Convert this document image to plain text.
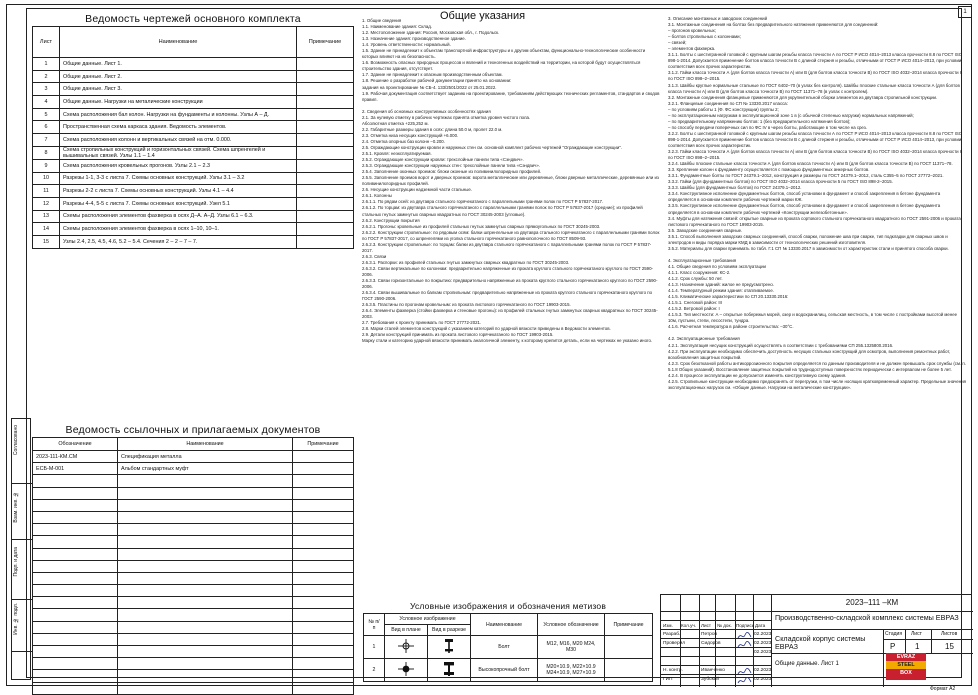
1
Согласовано
Взам. инв. №
Подп. и дата
Инв. № подл.
Ведомость чертежей основного комплекта		
Лист	Наименование	Примечание
1	Общие данные. Лист 1.	
2	Общие данные. Лист 2.	
3	Общие данные. Лист 3.	
4	Общие данные. Нагрузки на металические конструкции	
5	Схема расположения бал колон. Нагрузки на фундаменты и колонны. Узлы А – Д.	
6	Пространственная схема каркаса здания. Ведомость элементов.	
7	Схема расположения колонн и вертикальных связей на отм. 0.000.	
8	Схема стропильных конструкций и горизонтальных связей. Схема шпренгелей и вышивальных связей. Узлы 1.1 – 1.4	
9	Схема расположения кровельных прогонов. Узлы 2.1 – 2.3	
10	Разрезы 1-1, 3-3 с листа 7. Схемы основных конструкций. Узлы 3.1 – 3.2	
11	Разрезы 2-2 с листа 7. Схемы основных конструкций. Узлы 4.1 – 4.4	
12	Разрезы 4-4, 5-5 с листа 7. Схемы основных конструкций. Узел 5.1	
13	Схемы расположения элементов фахверка в осях Д–А. А–Д. Узлы 6.1 – 6.3.	
14	Схемы расположения элементов фахверка в осях 1–10, 10–1.	
15	Узлы 2.4, 2.5, 4.5, 4.6, 5.2 – 5.4. Сечения 2 – 2 – 7 – 7.	
Ведомость ссылочных и прилагаемых документов		
Обозначение	Наименование	Примечание
2023-111-КМ.СМ	Спецификация металла	
ЕСБ-М-001	Альбом стандартных муфт	

Общие указания
1. Общие сведения
1.1. Наименование здания: Склад.
1.2. Местоположение здания: Россия, Московская обл., г. Подольск.
1.3. Назначение здания: производственное здание.
1.4. Уровень ответственности: нормальный.
1.5. Здание не принадлежит к объектам транспортной инфраструктуры и к другим объектам, функционально-технологические особенности которых влияют на их безопасность.
1.6. Возможность опасных природных процессов и явлений и техногенных воздействий на территории, на которой будут осуществляться строительство здания, отсутствует.
1.7. Здание не принадлежит к опасным производственным объектам.
1.8. Решение о разработке рабочей документации принято на основании:
задания на проектирование № СБ-4. 133/2501/2022 от 25.01.2022.
1.9. Рабочая документация соответствует заданию на проектирование, требованиям действующих технических регламентов, стандартов и сводов правил.

2. Сведения об основных конструктивных особенностях здания
2.1. За нулевую отметку в рабочих чертежах принята отметка уровня чистого пола.
Абсолютная отметка +225,252 м.
2.2. Габаритные размеры здания в осях: длина 50.0 м, пролет 22.0 м.
2.3. Отметка низа несущих конструкций +6.000.
2.4. Отметка опорных баз колонн –0.200.
2.5. Ограждающие конструкции кровли и наружных стен см. основной комплект рабочих чертежей "Ограждающие конструкции".
2.5.1. Кровля: неэксплуатируемая.
2.5.2. Ограждающие конструкции кровли: трехслойные панели типа «Сэндвич».
2.5.3. Ограждающие конструкции наружных стен: трехслойные панели типа «Сэндвич».
2.5.4. Заполнение оконных проемов: блоки оконные из поливинилхлоридных профилей.
2.5.5. Заполнение проемов ворот и дверных проемов: ворота металлические или деревянные, блоки дверные металлические, деревянные или из поливинилхлоридных профилей.
2.6. Несущие конструкции надземной части стальные.
2.6.1. Колонны
2.6.1.1. По рядам осей: из двутавра стального горячекатаного с параллельными гранями полок по ГОСТ Р 57837-2017.
2.6.1.2. По торцам: из двутавра стального горячекатаного с параллельными гранями полок по ГОСТ Р 57837-2017 (средние); из профилей стальных гнутых замкнутых сварных квадратных по ГОСТ 30245-2003 (угловые).
2.6.2. Конструкции покрытия
2.6.2.1. Прогоны: кровельные из профилей стальных гнутых замкнутых сварных прямоугольных по ГОСТ 30245-2003.
2.6.2.2. Конструкции стропильные: по рядовым осям: балки шпренгельные из двутавра стального горячекатаного с параллельными гранями полок по ГОСТ Р 57837-2017, со шпренгелями из уголка стального горячекатаного равнополочного по ГОСТ 8509-93.
2.6.2.3. Конструкции стропильные: по торцам: балки из двутавра стального горячекатаного с параллельными гранями полок по ГОСТ Р 57837-2017.
2.6.3. Связи
2.6.3.1. Распорки: из профилей стальных гнутых замкнутых сварных квадратных по ГОСТ 30245-2003.
2.6.3.2. Связи вертикальные по колоннам: предварительно напряженные из проката круглого стального горячекатаного круглого по ГОСТ 2590-2006.
2.6.3.3. Связи горизонтальные по покрытию: предварительно напряженные из проката круглого стального горячекатаного круглого по ГОСТ 2590-2006.
2.6.3.4. Связи вышивальные по балкам стропильным: предварительно напряженные из проката круглого стального горячекатаного круглого по ГОСТ 2590-2006.
2.6.3.5. Пластины по прогонам кровельным: из проката листового горячекатаного по ГОСТ 19903-2015.
2.6.4. Элементы фахверка (стойки фахверка и стеновые прогоны): из профилей стальных гнутых замкнутых сварных квадратных по ГОСТ 30245-2003.
2.7. Требования к проекту принимать по ГОСТ 27772-2021.
2.8. Марки сталей элементов конструкций с указанием категорий по ударной вязкости приведены в Ведомости элементов.
2.9. Детали конструкций принимать из проката листового горячекатаного по ГОСТ 19903-2015.
Марку стали и категорию ударной вязкости принимать аналогичной элементу, к которому крепится деталь, если на чертежах не указано иного.
3. Описание монтажных и заводских соединений
3.1. Монтажные соединения на болтах без предварительного натяжения применяются для соединений:
– прогонов кровельных;
– болтов стропильных с колоннами;
– связей;
– элементов фахверка.
3.1.1. Болты с шестигранной головкой с крупным шагом резьбы класса точности А по ГОСТ Р ИСО 4014–2013 класса прочности 8.8 по ГОСТ ISO 898-1-2014. Допускается применение болтов класса точности В с длиной стержня и резьбы, отличными от ГОСТ Р ИСО 4014–2013, при условии соответствия всех прочих характеристик.
3.1.2. Гайки класса точности А (для болтов класса точности А) или В (для болтов класса точности В) по ГОСТ ISO 4032–2014 класса прочности 8 по ГОСТ ISO 898–2–2015.
3.1.3. Шайбы круглые нормальные стальные по ГОСТ 6402–70 (в узлах без контроля). Шайбы плоские стальные класса точности А (для болтов класса точности А) или В (для болтов класса точности В) по ГОСТ 11371–78 (в узлах с контролем).
3.2. Монтажные соединения фланцевые применяются для укрупнительной сборки элементов из двутавра стропильной конструкции.
3.2.1. Фланцевые соединения по СП № 13330.2017 класса:
– по условиям работы 1 (Ф. ФС конструкции) группы 2;
– по эксплуатационным нагрузкам в эксплуатационной зоне 1 в (с обычной степенью нагрузки) нормальных напряжений;
– по предварительному напряжению болтов: 1 (без предварительного натяжения болтов);
– по способу передачи поперечных сил по ФС IV в через болты, работающие в том числе на срез.
3.2.2. Болты с шестигранной головкой с крупным шагом резьбы класса точности А по ГОСТ Р ИСО 4014–2013 класса прочности 8.8 по ГОСТ ISO 898-1-2014. Допускается применение болтов класса точности В с длиной стержня и резьбы, отличными от ГОСТ Р ИСО 4014–2013, при условии соответствия всех прочих характеристик.
3.2.3. Гайки класса точности А (для болтов класса точности А) или В (для болтов класса точности В) по ГОСТ ISO 4032–2014 класса прочности 8 по ГОСТ ISO 898–2–2015.
3.2.4. Шайбы плоские стальные класса точности А (для болтов класса точности А) или В (для болтов класса точности В) по ГОСТ 11371–78.
3.3. Крепление колонн к фундаменту осуществляется с помощью фундаментных анкерных болтов.
3.3.1. Фундаментные болты по ГОСТ 24379.1–2012, конструкция и размеры по ГОСТ 24379.1–2012, сталь С355–5 по ГОСТ 27772–2021.
3.3.2. Гайки (для фундаментных болтов) по ГОСТ ISO 4032–2014 класса прочности 5 по ГОСТ ISO 898-2–2015.
3.3.3. Шайбы (для фундаментных болтов) по ГОСТ 24379.1–2012.
3.3.4. Конструктивное исполнение фундаментных болтов, способ установки в фундамент и способ закрепления в бетоне фундамента определяется в основном комплекте рабочих чертежей марки КЖ.
3.3.5. Конструктивное исполнение фундаментных болтов, способ установки в фундамент и способ закрепления в бетоне фундамента определяется в основном комплекте рабочих чертежей «Конструкции железобетонные».
3.4. Муфты для натяжения связей: открытые сварные из проката сортового стального горячекатаного квадратного по ГОСТ 2591-2006 и проката листового горячекатаного по ГОСТ 19903-2015.
3.5. Заводские соединения сварные.
3.5.1. Способ выполнения заводских сварных соединений, способ сварки, положение шва при сварке, тип подкладки для сварных швов и электродов и виды порядка марки КМД в зависимости от технологических решений изготовителя.
3.5.2. Материалы для сварки принимать по табл. Г.1 СП № 13330.2017 в зависимости от характеристик стали и принятого способа сварки.

4. Эксплуатационные требования
4.1. Общие сведения по условиям эксплуатации
4.1.1. Класс сооружения: КС-2.
4.1.2. Срок службы: 50 лет.
4.1.3. Назначение зданий: жилое не предусмотрено.
4.1.4. Температурный режим здания: отапливаемое.
4.1.5. Климатические характеристики по СП 20.13330.2016:
4.1.5.1. Снеговой район: III
4.1.5.2. Ветровой район: I
4.1.5.3. Тип местности: А – открытые побережья морей, озер и водохранилищ, сельская местность, в том числе с постройками высотой менее 10м, пустыни, степи, лесостепи, тундра.
4.1.6. Расчетная температура в районе строительства: –30°С.

4.2. Эксплуатационные требования
4.2.1. Эксплуатация несущих конструкций осуществлять в соответствии с требованиями СП 255.1325800.2016.
4.2.2. При эксплуатации необходимо обеспечить доступность несущих стальных конструкций для осмотров, выполнения ремонтных работ, возобновления защитных покрытий.
4.2.3. Срок безотказной работы антикоррозионного покрытия определяется по данным производителя и не должен превышать срок службы (см. п. 5.1.8 Общих указаний). Восстановление защитных покрытий на труднодоступных поверхностях периодически с интервалом не более 5 лет.
4.2.4. В процессе эксплуатации не допускается изменять конструктивную схему здания.
4.2.5. Стропильные конструкции необходимо предохранять от перегрузки, в том числе носящих кратковременный характер. Предельные значения эксплуатационных нагрузок см. «Общие данные. Нагрузки на металические конструкции».
Условные изображения и обозначения метизов
№ п/п	Условное изображение		Наименование	Условное обозначение	Примечание
	Вид в плане	Вид в разрезе			
1			Болт	М12, М16, М20 М24, М30	
2			Высокопрочный болт	М20×10.9, М22×10.9 М24×10.9, М27×10.9	
Изм. Кол.уч. Лист № док. Подпись Дата
Разраб.	Петров	02.2023
Проверил	Сидоров	02.2023
02.2023
Н. контр.	Иванченко	02.2023
ГИП	Зубский	02.2023
2023–111 –КМ
Производственно-складской комплекс системы ЕВРАЗ
Складской корпус системы ЕВРАЗ
Общие данные. Лист 1
Стадия Лист	Листов
Р 1	15
EVRAZ
STEEL
BOX
Формат А2
